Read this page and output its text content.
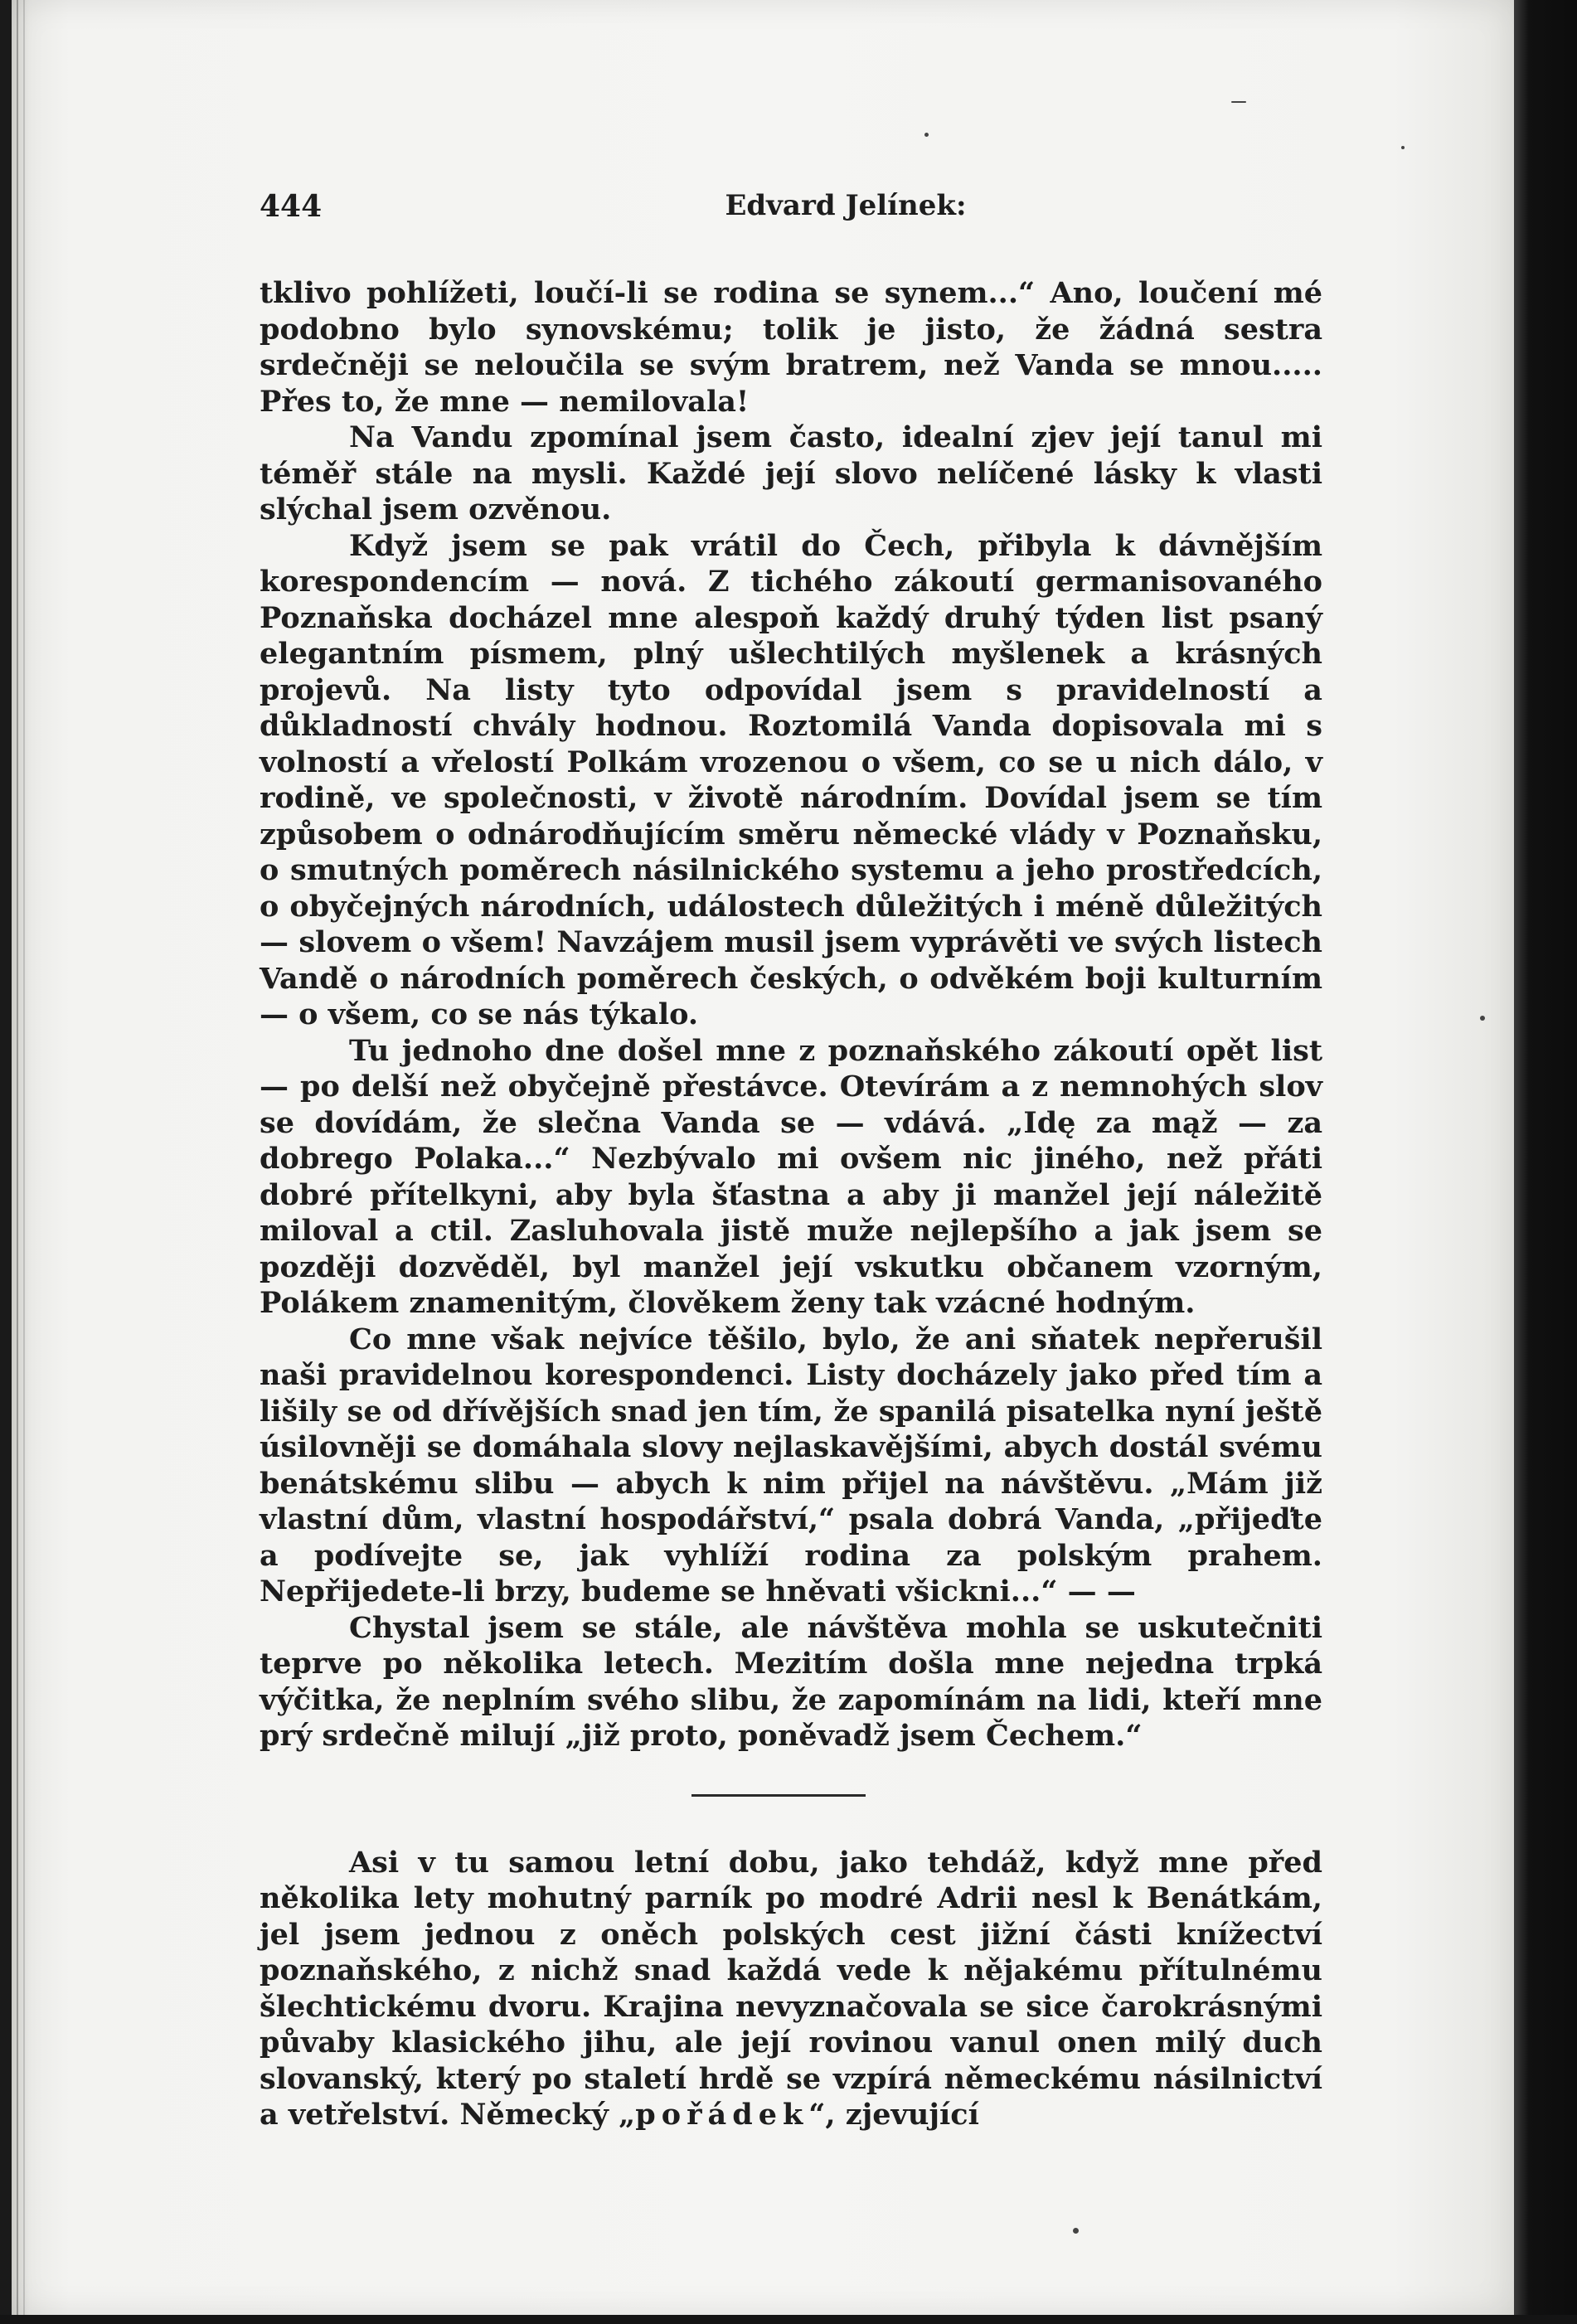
444	Edvard Jelínek:

tklivo pohlížeti, loučí-li se rodina se synem...“ Ano, loučení mé podobno bylo synovskému; tolik je jisto, že žádná sestra srdečněji se neloučila se svým bratrem, než Vanda se mnou..... Přes to, že mne — nemilovala!

Na Vandu zpomínal jsem často, idealní zjev její tanul mi téměř stále na mysli. Každé její slovo nelíčené lásky k vlasti slýchal jsem ozvěnou.

Když jsem se pak vrátil do Čech, přibyla k dávnějším korespondencím — nová. Z tichého zákoutí germanisovaného Poznaňska docházel mne alespoň každý druhý týden list psaný elegantním písmem, plný ušlechtilých myšlenek a krásných projevů. Na listy tyto odpovídal jsem s pravidelností a důkladností chvály hodnou. Roztomilá Vanda dopisovala mi s volností a vřelostí Polkám vrozenou o všem, co se u nich dálo, v rodině, ve společnosti, v životě národním. Dovídal jsem se tím způsobem o odnárodňujícím směru německé vlády v Poznaňsku, o smutných poměrech násilnického systemu a jeho prostředcích, o obyčejných národních, událostech důležitých i méně důležitých — slovem o všem! Navzájem musil jsem vyprávěti ve svých listech Vandě o národních poměrech českých, o odvěkém boji kulturním — o všem, co se nás týkalo.

Tu jednoho dne došel mne z poznaňského zákoutí opět list — po delší než obyčejně přestávce. Otevírám a z nemnohých slov se dovídám, že slečna Vanda se — vdává. „Idę za mąž — za dobrego Polaka...“ Nezbývalo mi ovšem nic jiného, než přáti dobré přítelkyni, aby byla šťastna a aby ji manžel její náležitě miloval a ctil. Zasluhovala jistě muže nejlepšího a jak jsem se později dozvěděl, byl manžel její vskutku občanem vzorným, Polákem znamenitým, člověkem ženy tak vzácné hodným.

Co mne však nejvíce těšilo, bylo, že ani sňatek nepřerušil naši pravidelnou korespondenci. Listy docházely jako před tím a lišily se od dřívějších snad jen tím, že spanilá pisatelka nyní ještě úsilovněji se domáhala slovy nejlaskavějšími, abych dostál svému benátskému slibu — abych k nim přijel na návštěvu. „Mám již vlastní dům, vlastní hospodářství,“ psala dobrá Vanda, „přijeďte a podívejte se, jak vyhlíží rodina za polským prahem. Nepřijedete-li brzy, budeme se hněvati všickni...“ — —

Chystal jsem se stále, ale návštěva mohla se uskutečniti teprve po několika letech. Mezitím došla mne nejedna trpká výčitka, že neplním svého slibu, že zapomínám na lidi, kteří mne prý srdečně milují „již proto, poněvadž jsem Čechem.“

Asi v tu samou letní dobu, jako tehdáž, když mne před několika lety mohutný parník po modré Adrii nesl k Benátkám, jel jsem jednou z oněch polských cest jižní části knížectví poznaňského, z nichž snad každá vede k nějakému přítulnému šlechtickému dvoru. Krajina nevyznačovala se sice čarokrásnými půvaby klasického jihu, ale její rovinou vanul onen milý duch slovanský, který po staletí hrdě se vzpírá německému násilnictví a vetřelství. Německý „pořádek“, zjevující
